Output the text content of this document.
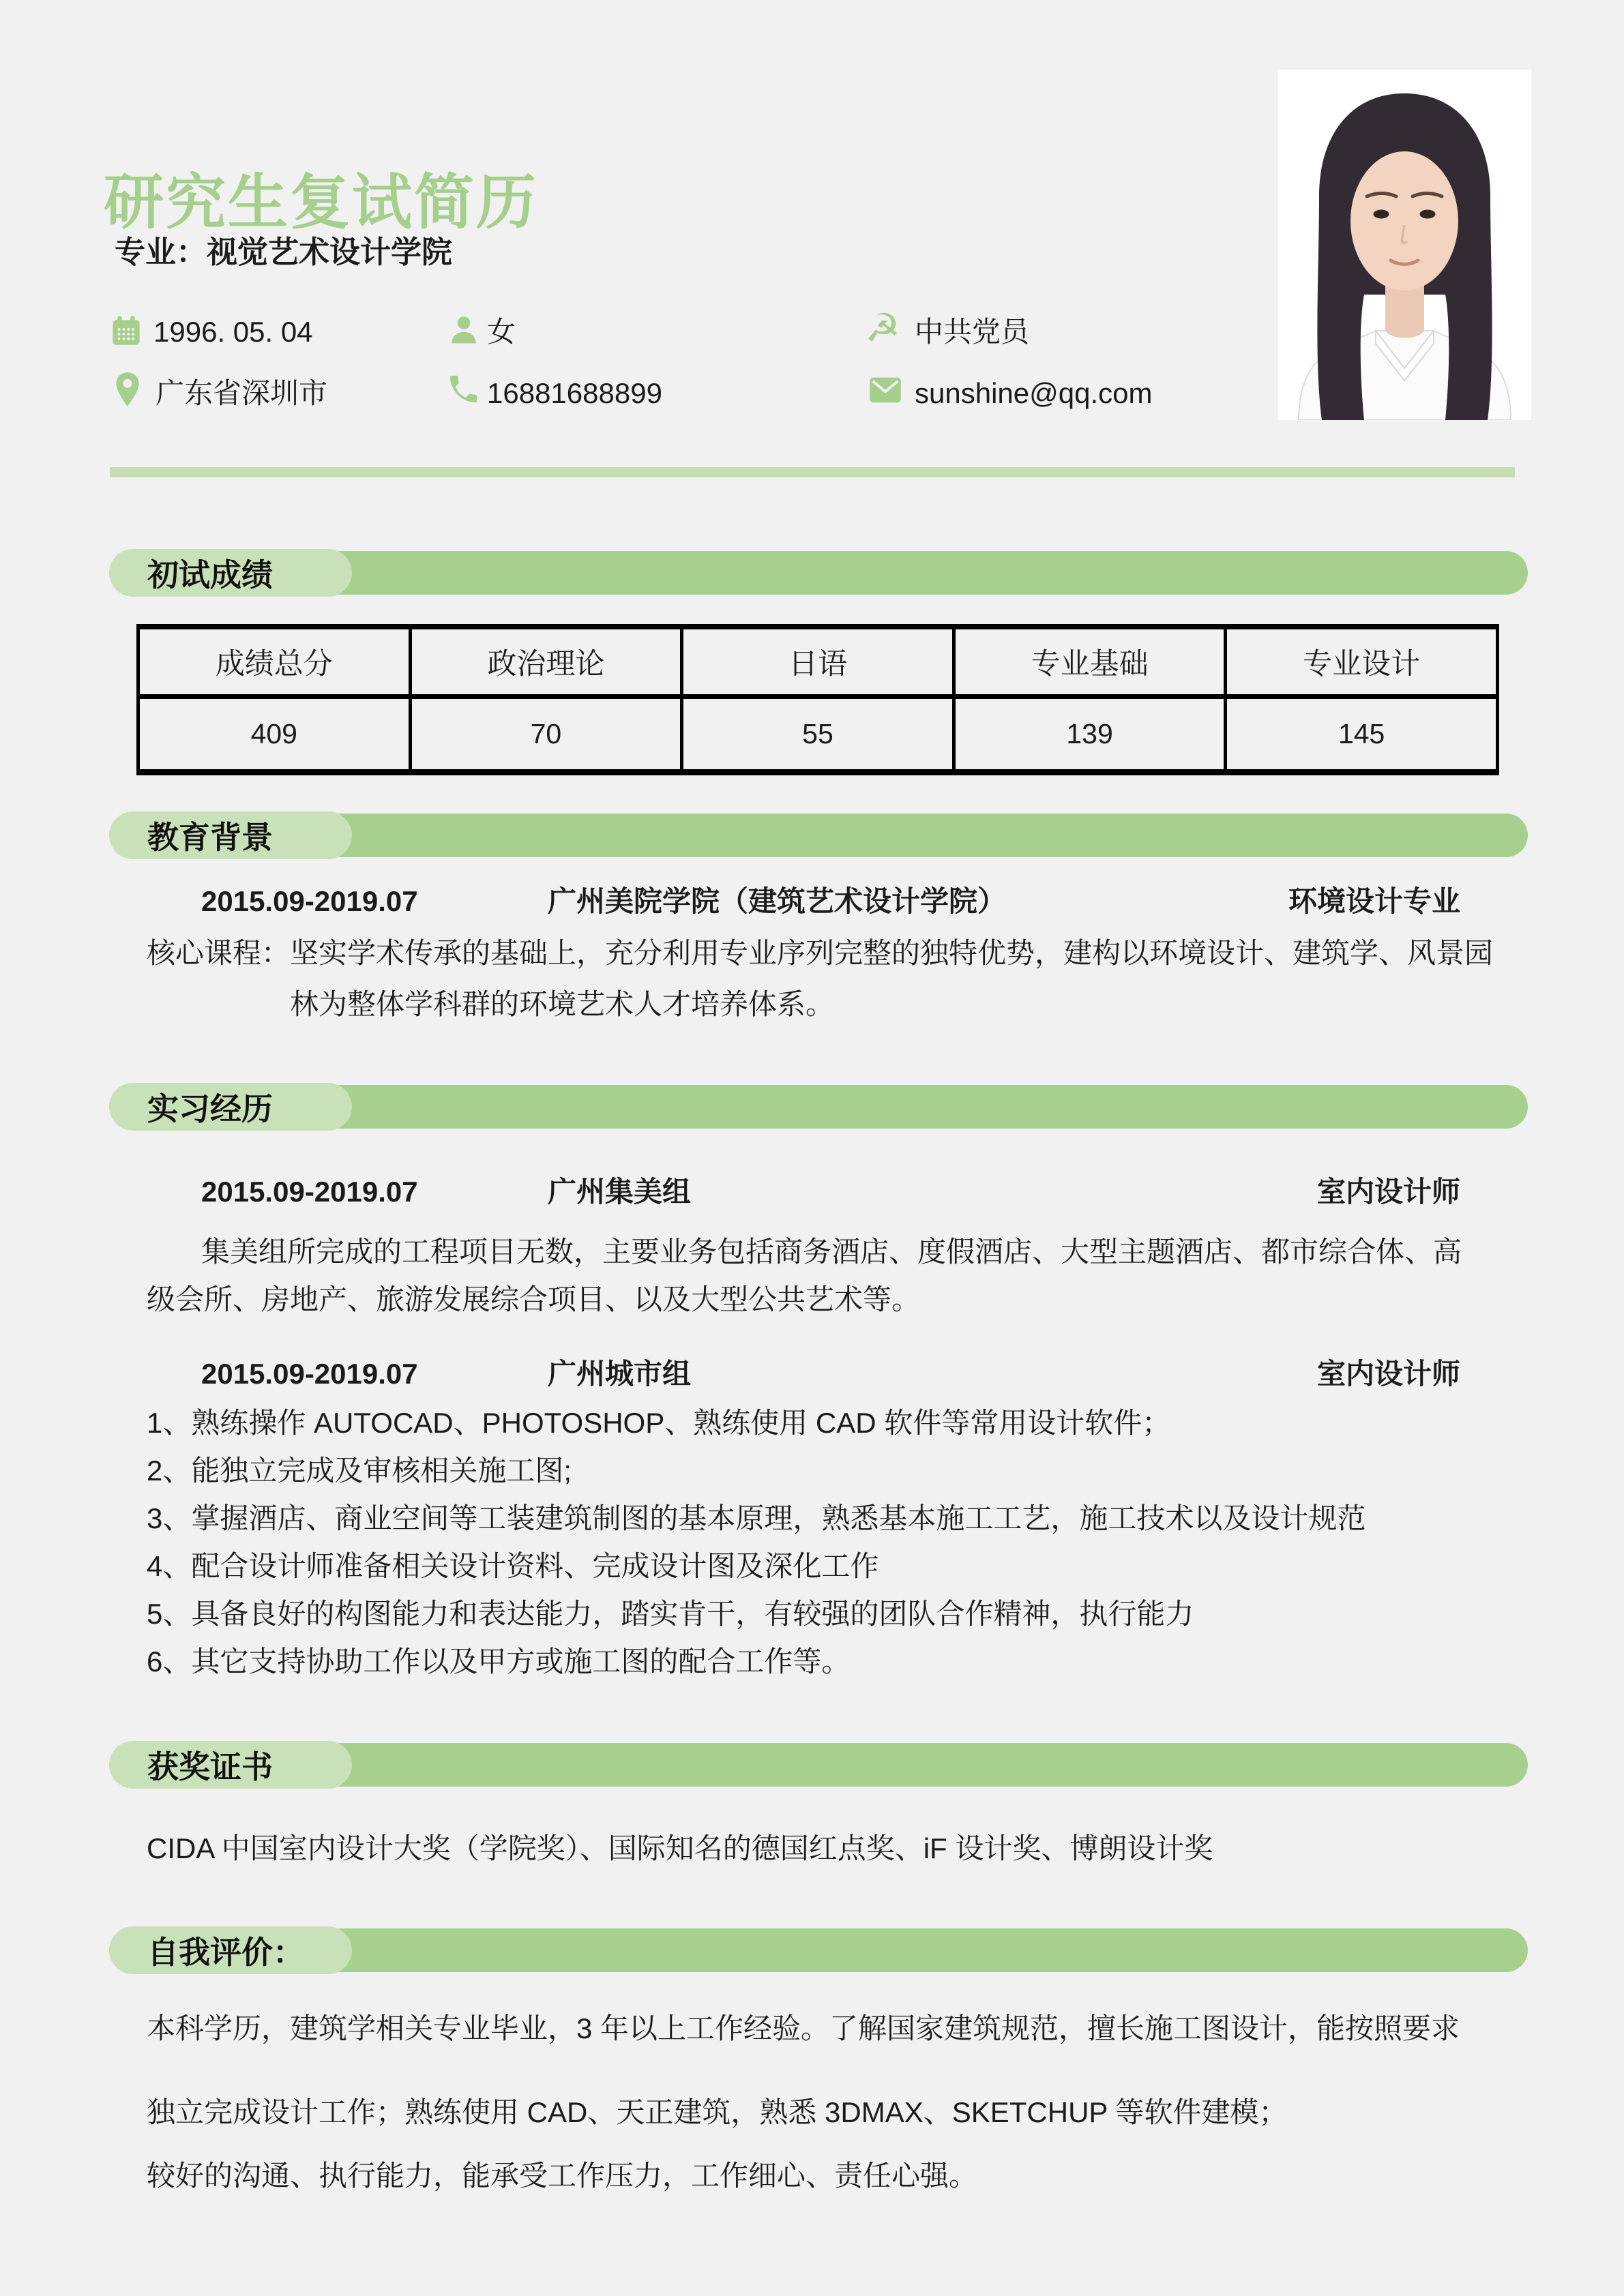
研究生复试简历
专业：视觉艺术设计学院
1996. 05. 04	女	☭ 中共党员
广东省深圳市	16881688899	sunshine@qq.com
初试成绩
成绩总分	政治理论	日语	专业基础	专业设计
409	70	55	139	145
教育背景
2015.09-2019.07	广州美院学院（建筑艺术设计学院）	环境设计专业
核心课程：坚实学术传承的基础上，充分利用专业序列完整的独特优势，建构以环境设计、建筑学、风景园
林为整体学科群的环境艺术人才培养体系。
实习经历
2015.09-2019.07	广州集美组	室内设计师
集美组所完成的工程项目无数，主要业务包括商务酒店、度假酒店、大型主题酒店、都市综合体、高
级会所、房地产、旅游发展综合项目、以及大型公共艺术等。
2015.09-2019.07	广州城市组	室内设计师
1、熟练操作 AUTOCAD、PHOTOSHOP、熟练使用 CAD 软件等常用设计软件；
2、能独立完成及审核相关施工图;
3、掌握酒店、商业空间等工装建筑制图的基本原理，熟悉基本施工工艺，施工技术以及设计规范
4、配合设计师准备相关设计资料、完成设计图及深化工作
5、具备良好的构图能力和表达能力，踏实肯干，有较强的团队合作精神，执行能力
6、其它支持协助工作以及甲方或施工图的配合工作等。
获奖证书
CIDA 中国室内设计大奖（学院奖）、国际知名的德国红点奖、iF 设计奖、博朗设计奖
自我评价：
本科学历，建筑学相关专业毕业，3 年以上工作经验。了解国家建筑规范，擅长施工图设计，能按照要求
独立完成设计工作；熟练使用 CAD、天正建筑，熟悉 3DMAX、SKETCHUP 等软件建模；
较好的沟通、执行能力，能承受工作压力，工作细心、责任心强。
